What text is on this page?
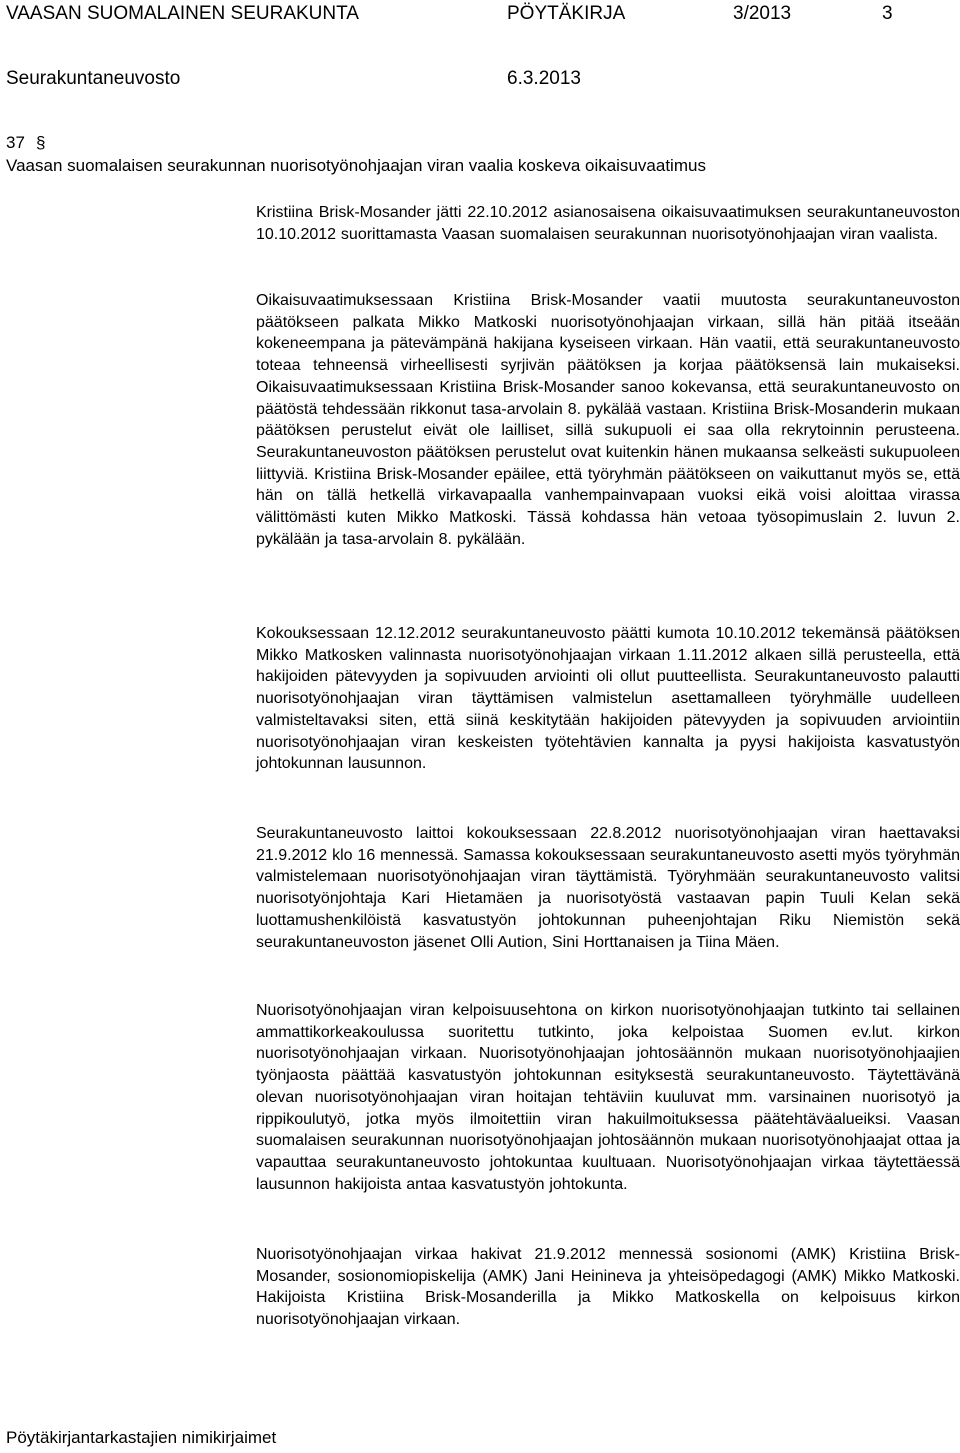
VAASAN SUOMALAINEN SEURAKUNTA	PÖYTÄKIRJA	3/2013	3
Seurakuntaneuvosto	6.3.2013
37 §
Vaasan suomalaisen seurakunnan nuorisotyönohjaajan viran vaalia koskeva oikaisuvaatimus

Kristiina Brisk-Mosander jätti 22.10.2012 asianosaisena oikaisuvaatimuksen seurakuntaneuvoston 10.10.2012 suorittamasta Vaasan suomalaisen seurakunnan nuorisotyönohjaajan viran vaalista.

Oikaisuvaatimuksessaan Kristiina Brisk-Mosander vaatii muutosta seurakuntaneuvoston päätökseen palkata Mikko Matkoski nuorisotyönohjaajan virkaan, sillä hän pitää itseään kokeneempana ja pätevämpänä hakijana kyseiseen virkaan. Hän vaatii, että seurakuntaneuvosto toteaa tehneensä virheellisesti syrjivän päätöksen ja korjaa päätöksensä lain mukaiseksi. Oikaisuvaatimuksessaan Kristiina Brisk-Mosander sanoo kokevansa, että seurakuntaneuvosto on päätöstä tehdessään rikkonut tasa-arvolain 8. pykälää vastaan. Kristiina Brisk-Mosanderin mukaan päätöksen perustelut eivät ole lailliset, sillä sukupuoli ei saa olla rekrytoinnin perusteena. Seurakuntaneuvoston päätöksen perustelut ovat kuitenkin hänen mukaansa selkeästi sukupuoleen liittyviä. Kristiina Brisk-Mosander epäilee, että työryhmän päätökseen on vaikuttanut myös se, että hän on tällä hetkellä virkavapaalla vanhempainvapaan vuoksi eikä voisi aloittaa virassa välittömästi kuten Mikko Matkoski. Tässä kohdassa hän vetoaa työsopimuslain 2. luvun 2. pykälään ja tasa-arvolain 8. pykälään.

Kokouksessaan 12.12.2012 seurakuntaneuvosto päätti kumota 10.10.2012 tekemänsä päätöksen Mikko Matkosken valinnasta nuorisotyönohjaajan virkaan 1.11.2012 alkaen sillä perusteella, että hakijoiden pätevyyden ja sopivuuden arviointi oli ollut puutteellista. Seurakuntaneuvosto palautti nuorisotyönohjaajan viran täyttämisen valmistelun asettamalleen työryhmälle uudelleen valmisteltavaksi siten, että siinä keskitytään hakijoiden pätevyyden ja sopivuuden arviointiin nuorisotyönohjaajan viran keskeisten työtehtävien kannalta ja pyysi hakijoista kasvatustyön johtokunnan lausunnon.

Seurakuntaneuvosto laittoi kokouksessaan 22.8.2012 nuorisotyönohjaajan viran haettavaksi 21.9.2012 klo 16 mennessä. Samassa kokouksessaan seurakuntaneuvosto asetti myös työryhmän valmistelemaan nuorisotyönohjaajan viran täyttämistä. Työryhmään seurakuntaneuvosto valitsi nuorisotyönjohtaja Kari Hietamäen ja nuorisotyöstä vastaavan papin Tuuli Kelan sekä luottamushenkilöistä kasvatustyön johtokunnan puheenjohtajan Riku Niemistön sekä seurakuntaneuvoston jäsenet Olli Aution, Sini Horttanaisen ja Tiina Mäen.

Nuorisotyönohjaajan viran kelpoisuusehtona on kirkon nuorisotyönohjaajan tutkinto tai sellainen ammattikorkeakoulussa suoritettu tutkinto, joka kelpoistaa Suomen ev.lut. kirkon nuorisotyönohjaajan virkaan. Nuorisotyönohjaajan johtosäännön mukaan nuorisotyönohjaajien työnjaosta päättää kasvatustyön johtokunnan esityksestä seurakuntaneuvosto. Täytettävänä olevan nuorisotyönohjaajan viran hoitajan tehtäviin kuuluvat mm. varsinainen nuorisotyö ja rippikoulutyö, jotka myös ilmoitettiin viran hakuilmoituksessa päätehtäväalueiksi. Vaasan suomalaisen seurakunnan nuorisotyönohjaajan johtosäännön mukaan nuorisotyönohjaajat ottaa ja vapauttaa seurakuntaneuvosto johtokuntaa kuultuaan. Nuorisotyönohjaajan virkaa täytettäessä lausunnon hakijoista antaa kasvatustyön johtokunta.

Nuorisotyönohjaajan virkaa hakivat 21.9.2012 mennessä sosionomi (AMK) Kristiina Brisk-Mosander, sosionomiopiskelija (AMK) Jani Heinineva ja yhteisöpedagogi (AMK) Mikko Matkoski. Hakijoista Kristiina Brisk-Mosanderilla ja Mikko Matkoskella on kelpoisuus kirkon nuorisotyönohjaajan virkaan.

Pöytäkirjantarkastajien nimikirjaimet
